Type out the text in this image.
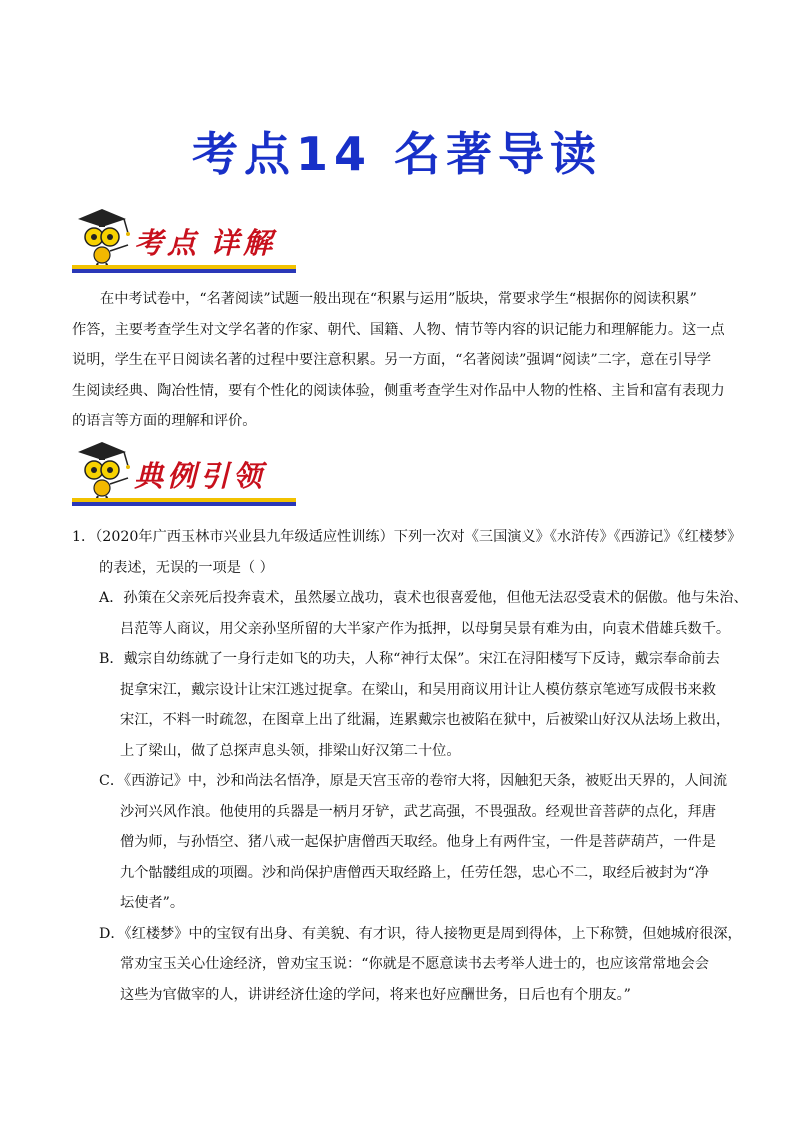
考点14 名著导读
考点 详解
在中考试卷中，“名著阅读”试题一般出现在“积累与运用”版块，常要求学生“根据你的阅读积累”
作答，主要考查学生对文学名著的作家、朝代、国籍、人物、情节等内容的识记能力和理解能力。这一点
说明，学生在平日阅读名著的过程中要注意积累。另一方面，“名著阅读”强调“阅读”二字，意在引导学
生阅读经典、陶冶性情，要有个性化的阅读体验，侧重考查学生对作品中人物的性格、主旨和富有表现力
的语言等方面的理解和评价。
典例引领
1．（2020年广西玉林市兴业县九年级适应性训练）下列一次对《三国演义》《水浒传》《西游记》《红楼梦》
的表述，无误的一项是（ ）
A．孙策在父亲死后投奔袁术，虽然屡立战功，袁术也很喜爱他，但他无法忍受袁术的倨傲。他与朱治、
吕范等人商议，用父亲孙坚所留的大半家产作为抵押，以母舅吴景有难为由，向袁术借雄兵数千。
B．戴宗自幼练就了一身行走如飞的功夫，人称“神行太保”。宋江在浔阳楼写下反诗，戴宗奉命前去
捉拿宋江，戴宗设计让宋江逃过捉拿。在梁山，和吴用商议用计让人模仿蔡京笔迹写成假书来救
宋江，不料一时疏忽，在图章上出了纰漏，连累戴宗也被陷在狱中，后被梁山好汉从法场上救出，
上了梁山，做了总探声息头领，排梁山好汉第二十位。
C．《西游记》中，沙和尚法名悟净，原是天宫玉帝的卷帘大将，因触犯天条，被贬出天界的，人间流
沙河兴风作浪。他使用的兵器是一柄月牙铲，武艺高强，不畏强敌。经观世音菩萨的点化，拜唐
僧为师，与孙悟空、猪八戒一起保护唐僧西天取经。他身上有两件宝，一件是菩萨葫芦，一件是
九个骷髅组成的项圈。沙和尚保护唐僧西天取经路上，任劳任怨，忠心不二，取经后被封为“净
坛使者”。
D．《红楼梦》中的宝钗有出身、有美貌、有才识，待人接物更是周到得体，上下称赞，但她城府很深，
常劝宝玉关心仕途经济，曾劝宝玉说：“你就是不愿意读书去考举人进士的，也应该常常地会会
这些为官做宰的人，讲讲经济仕途的学问，将来也好应酬世务，日后也有个朋友。”
